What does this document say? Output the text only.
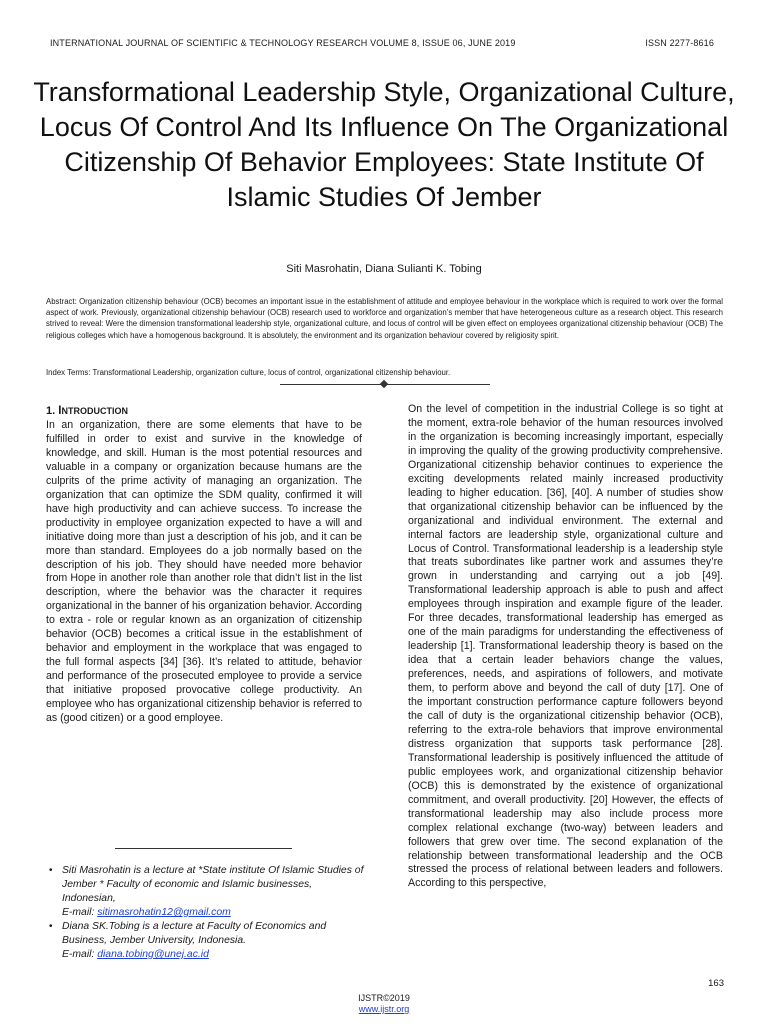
INTERNATIONAL JOURNAL OF SCIENTIFIC & TECHNOLOGY RESEARCH VOLUME 8, ISSUE 06, JUNE 2019	ISSN 2277-8616
Transformational Leadership Style, Organizational Culture, Locus Of Control And Its Influence On The Organizational Citizenship Of Behavior Employees: State Institute Of Islamic Studies Of Jember
Siti Masrohatin, Diana Sulianti K. Tobing

Abstract: Organization citizenship behaviour (OCB) becomes an important issue in the establishment of attitude and employee behaviour in the workplace which is required to work over the formal aspect of work. Previously, organizational citizenship behaviour (OCB) research used to workforce and organization’s member that have heterogeneous culture as a research object. This research strived to reveal: Were the dimension transformational leadership style, organizational culture, and locus of control will be given effect on employees organizational citizenship behaviour (OCB) The religious colleges which have a homogenous background. It is absolutely, the environment and its organization behaviour covered by religiosity spirit.

Index Terms: Transformational Leadership, organization culture, locus of control, organizational citizenship behaviour.

1. INTRODUCTION

In an organization, there are some elements that have to be fulfilled in order to exist and survive in the knowledge of knowledge, and skill. Human is the most potential resources and valuable in a company or organization because humans are the culprits of the prime activity of managing an organization. The organization that can optimize the SDM quality, confirmed it will have high productivity and can achieve success. To increase the productivity in employee organization expected to have a will and initiative doing more than just a description of his job, and it can be more than standard. Employees do a job normally based on the description of his job. They should have needed more behavior from Hope in another role than another role that didn’t list in the list description, where the behavior was the character it requires organizational in the banner of his organization behavior. According to extra - role or regular known as an organization of citizenship behavior (OCB) becomes a critical issue in the establishment of behavior and employment in the workplace that was engaged to the full formal aspects [34] [36}. It’s related to attitude, behavior and performance of the prosecuted employee to provide a service that initiative proposed provocative college productivity. An employee who has organizational citizenship behavior is referred to as (good citizen) or a good employee.

On the level of competition in the industrial College is so tight at the moment, extra-role behavior of the human resources involved in the organization is becoming increasingly important, especially in improving the quality of the growing productivity comprehensive. Organizational citizenship behavior continues to experience the exciting developments related mainly increased productivity leading to higher education. [36], [40]. A number of studies show that organizational citizenship behavior can be influenced by the organizational and individual environment. The external and internal factors are leadership style, organizational culture and Locus of Control. Transformational leadership is a leadership style that treats subordinates like partner work and assumes they’re grown in understanding and carrying out a job [49]. Transformational leadership approach is able to push and affect employees through inspiration and example figure of the leader. For three decades, transformational leadership has emerged as one of the main paradigms for understanding the effectiveness of leadership [1]. Transformational leadership theory is based on the idea that a certain leader behaviors change the values, preferences, needs, and aspirations of followers, and motivate them, to perform above and beyond the call of duty [17]. One of the important construction performance capture followers beyond the call of duty is the organizational citizenship behavior (OCB), referring to the extra-role behaviors that improve environmental distress organization that supports task performance [28]. Transformational leadership is positively influenced the attitude of public employees work, and organizational citizenship behavior (OCB) this is demonstrated by the existence of organizational commitment, and overall productivity. [20] However, the effects of transformational leadership may also include process more complex relational exchange (two-way) between leaders and followers that grew over time. The second explanation of the relationship between transformational leadership and the OCB stressed the process of relational between leaders and followers. According to this perspective,

• Siti Masrohatin is a lecture at *State institute Of Islamic Studies of Jember * Faculty of economic and Islamic businesses, Indonesian,
E-mail: sitimasrohatin12@gmail.com
• Diana SK.Tobing is a lecture at Faculty of Economics and Business, Jember University, Indonesia.
E-mail: diana.tobing@unej.ac.id
163
IJSTR©2019
www.ijstr.org
